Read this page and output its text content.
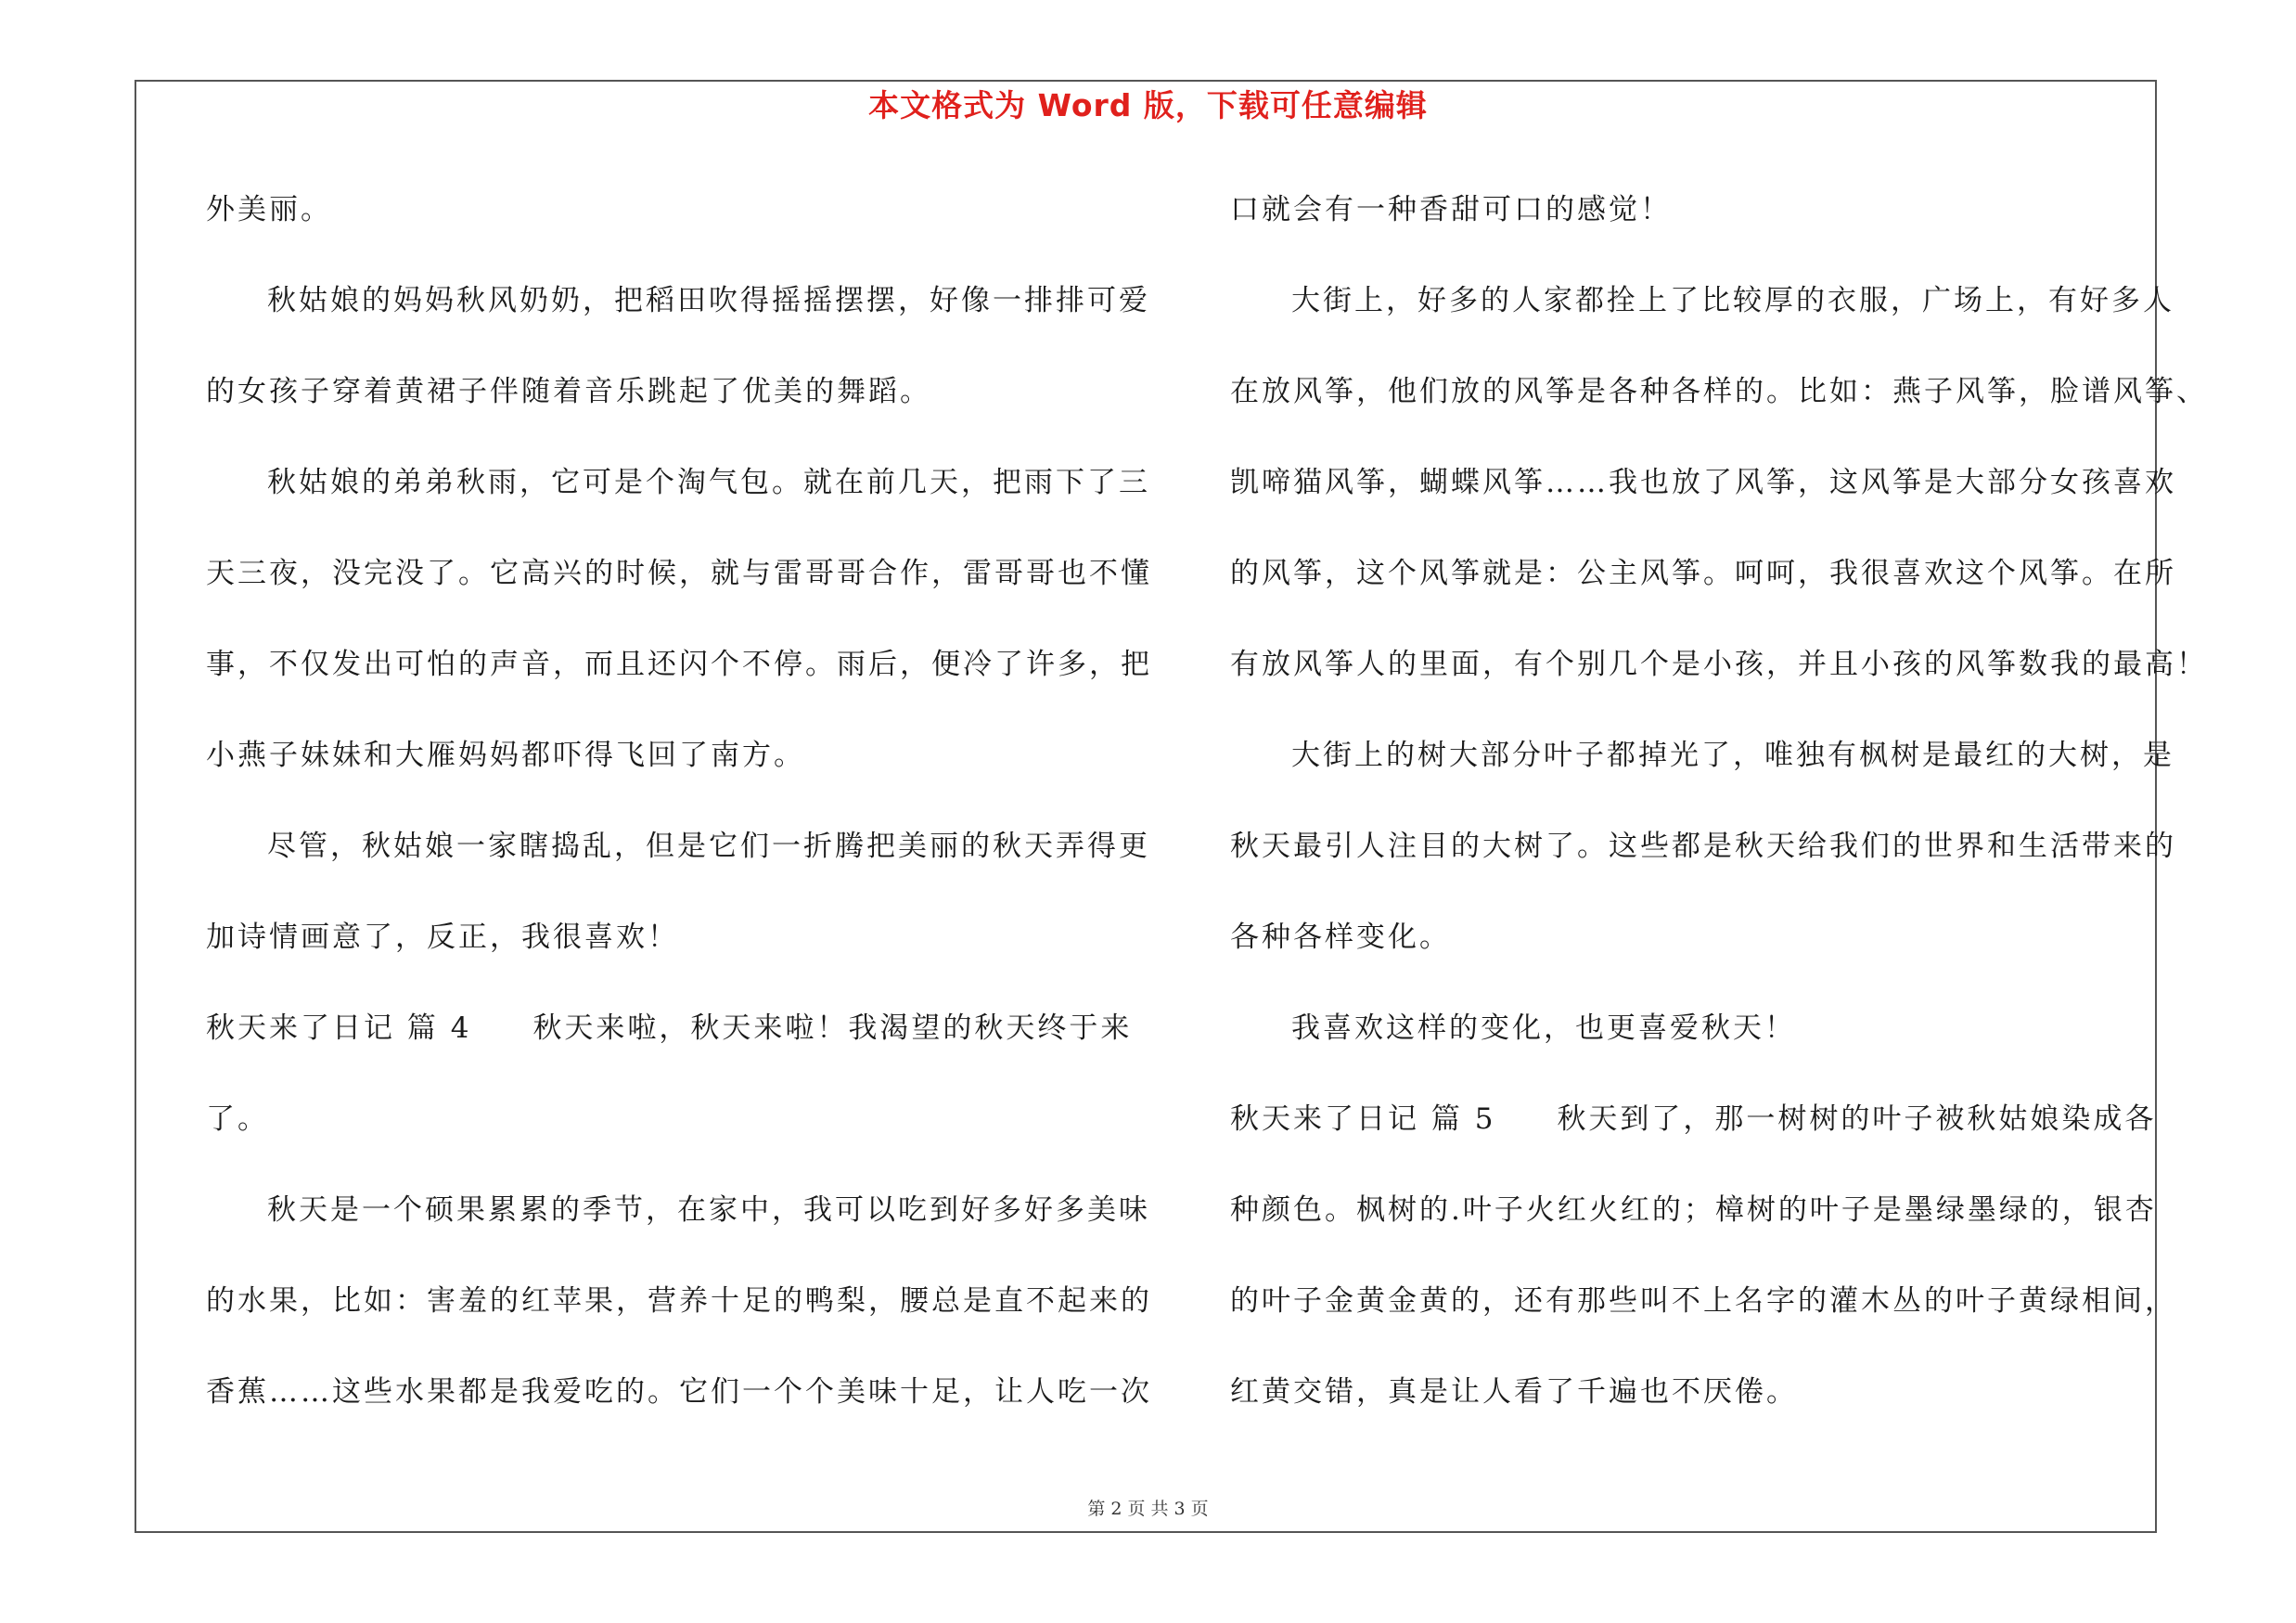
本文格式为 Word 版，下载可任意编辑
外美丽。
秋姑娘的妈妈秋风奶奶，把稻田吹得摇摇摆摆，好像一排排可爱
的女孩子穿着黄裙子伴随着音乐跳起了优美的舞蹈。
秋姑娘的弟弟秋雨，它可是个淘气包。就在前几天，把雨下了三
天三夜，没完没了。它高兴的时候，就与雷哥哥合作，雷哥哥也不懂
事，不仅发出可怕的声音，而且还闪个不停。雨后，便冷了许多，把
小燕子妹妹和大雁妈妈都吓得飞回了南方。
尽管，秋姑娘一家瞎捣乱，但是它们一折腾把美丽的秋天弄得更
加诗情画意了，反正，我很喜欢！
秋天来了日记 篇 4 秋天来啦，秋天来啦！我渴望的秋天终于来
了。
秋天是一个硕果累累的季节，在家中，我可以吃到好多好多美味
的水果，比如：害羞的红苹果，营养十足的鸭梨，腰总是直不起来的
香蕉……这些水果都是我爱吃的。它们一个个美味十足，让人吃一次
口就会有一种香甜可口的感觉！
大街上，好多的人家都拴上了比较厚的衣服，广场上，有好多人
在放风筝，他们放的风筝是各种各样的。比如：燕子风筝，脸谱风筝、
凯啼猫风筝，蝴蝶风筝……我也放了风筝，这风筝是大部分女孩喜欢
的风筝，这个风筝就是：公主风筝。呵呵，我很喜欢这个风筝。在所
有放风筝人的里面，有个别几个是小孩，并且小孩的风筝数我的最高！
大街上的树大部分叶子都掉光了，唯独有枫树是最红的大树，是
秋天最引人注目的大树了。这些都是秋天给我们的世界和生活带来的
各种各样变化。
我喜欢这样的变化，也更喜爱秋天！
秋天来了日记 篇 5 秋天到了，那一树树的叶子被秋姑娘染成各
种颜色。枫树的.叶子火红火红的；樟树的叶子是墨绿墨绿的，银杏
的叶子金黄金黄的，还有那些叫不上名字的灌木丛的叶子黄绿相间，
红黄交错，真是让人看了千遍也不厌倦。
第 2 页 共 3 页
